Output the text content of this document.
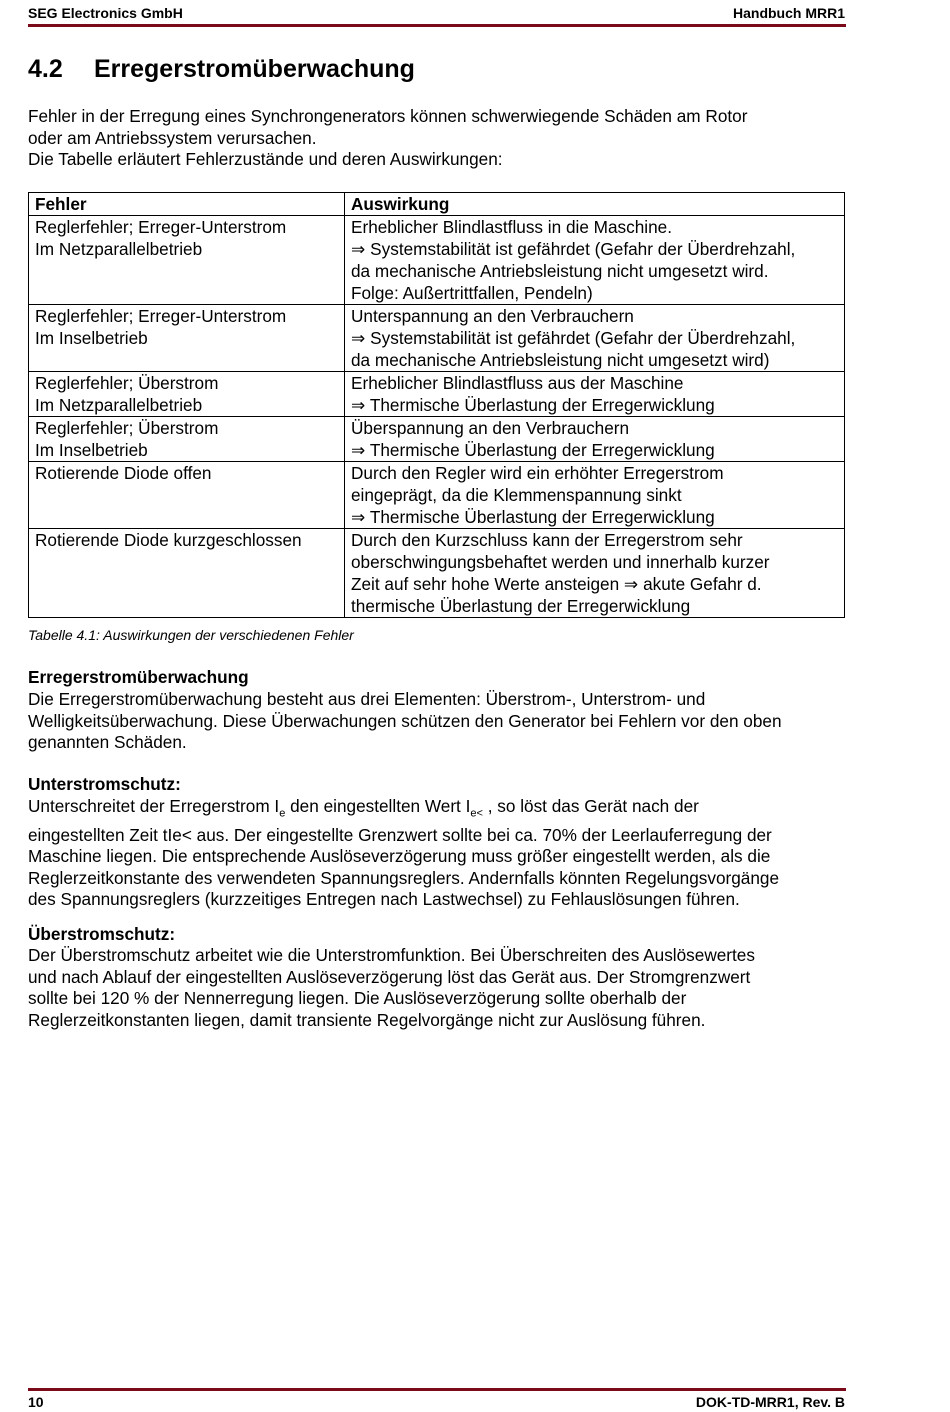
SEG Electronics GmbH	Handbuch MRR1
4.2 Erregerstromüberwachung
Fehler in der Erregung eines Synchrongenerators können schwerwiegende Schäden am Rotor
oder am Antriebssystem verursachen.
Die Tabelle erläutert Fehlerzustände und deren Auswirkungen:
Fehler	Auswirkung

Reglerfehler; Erreger-Unterstrom
Im Netzparallelbetrieb	Erheblicher Blindlastfluss in die Maschine.
⇒ Systemstabilität ist gefährdet (Gefahr der Überdrehzahl,
da mechanische Antriebsleistung nicht umgesetzt wird.
Folge: Außertrittfallen, Pendeln)

Reglerfehler; Erreger-Unterstrom
Im Inselbetrieb	Unterspannung an den Verbrauchern
⇒ Systemstabilität ist gefährdet (Gefahr der Überdrehzahl,
da mechanische Antriebsleistung nicht umgesetzt wird)

Reglerfehler; Überstrom
Im Netzparallelbetrieb	Erheblicher Blindlastfluss aus der Maschine
⇒ Thermische Überlastung der Erregerwicklung

Reglerfehler; Überstrom
Im Inselbetrieb	Überspannung an den Verbrauchern
⇒ Thermische Überlastung der Erregerwicklung

Rotierende Diode offen	Durch den Regler wird ein erhöhter Erregerstrom
eingeprägt, da die Klemmenspannung sinkt
⇒ Thermische Überlastung der Erregerwicklung

Rotierende Diode kurzgeschlossen	Durch den Kurzschluss kann der Erregerstrom sehr
oberschwingungsbehaftet werden und innerhalb kurzer
Zeit auf sehr hohe Werte ansteigen ⇒ akute Gefahr d.
thermische Überlastung der Erregerwicklung
Tabelle 4.1: Auswirkungen der verschiedenen Fehler
Erregerstromüberwachung
Die Erregerstromüberwachung besteht aus drei Elementen: Überstrom-, Unterstrom- und
Welligkeitsüberwachung. Diese Überwachungen schützen den Generator bei Fehlern vor den oben
genannten Schäden.
Unterstromschutz:
Unterschreitet der Erregerstrom $I_e$ den eingestellten Wert $I_{e<}$ , so löst das Gerät nach der
eingestellten Zeit tIe< aus. Der eingestellte Grenzwert sollte bei ca. 70% der Leerlauferregung der
Maschine liegen. Die entsprechende Auslöseverzögerung muss größer eingestellt werden, als die
Reglerzeitkonstante des verwendeten Spannungsreglers. Andernfalls könnten Regelungsvorgänge
des Spannungsreglers (kurzzeitiges Entregen nach Lastwechsel) zu Fehlauslösungen führen.
Überstromschutz:
Der Überstromschutz arbeitet wie die Unterstromfunktion. Bei Überschreiten des Auslösewertes
und nach Ablauf der eingestellten Auslöseverzögerung löst das Gerät aus. Der Stromgrenzwert
sollte bei 120 % der Nennerregung liegen. Die Auslöseverzögerung sollte oberhalb der
Reglerzeitkonstanten liegen, damit transiente Regelvorgänge nicht zur Auslösung führen.
10	DOK-TD-MRR1, Rev. B
